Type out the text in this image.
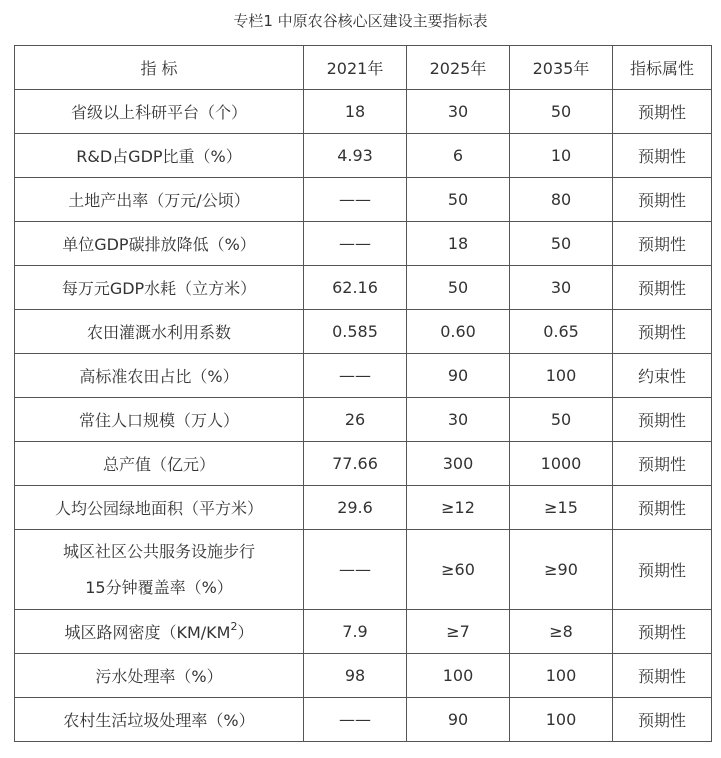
专栏1 中原农谷核心区建设主要指标表
指 标	2021年	2025年	2035年	指标属性
省级以上科研平台（个）	18	30	50	预期性
R&D占GDP比重（%）	4.93	6	10	预期性
土地产出率（万元/公顷）	——	50	80	预期性
单位GDP碳排放降低（%）	——	18	50	预期性
每万元GDP水耗（立方米）	62.16	50	30	预期性
农田灌溉水利用系数	0.585	0.60	0.65	预期性
高标准农田占比（%）	——	90	100	约束性
常住人口规模（万人）	26	30	50	预期性
总产值（亿元）	77.66	300	1000	预期性
人均公园绿地面积（平方米）	29.6	≥12	≥15	预期性

城区社区公共服务设施步行
15分钟覆盖率（%）	——	≥60	≥90	预期性
城区路网密度$(KM/KM^2)$	7.9	≥7	≥8	预期性
污水处理率（%）	98	100	100	预期性
农村生活垃圾处理率（%）	——	90	100	预期性
